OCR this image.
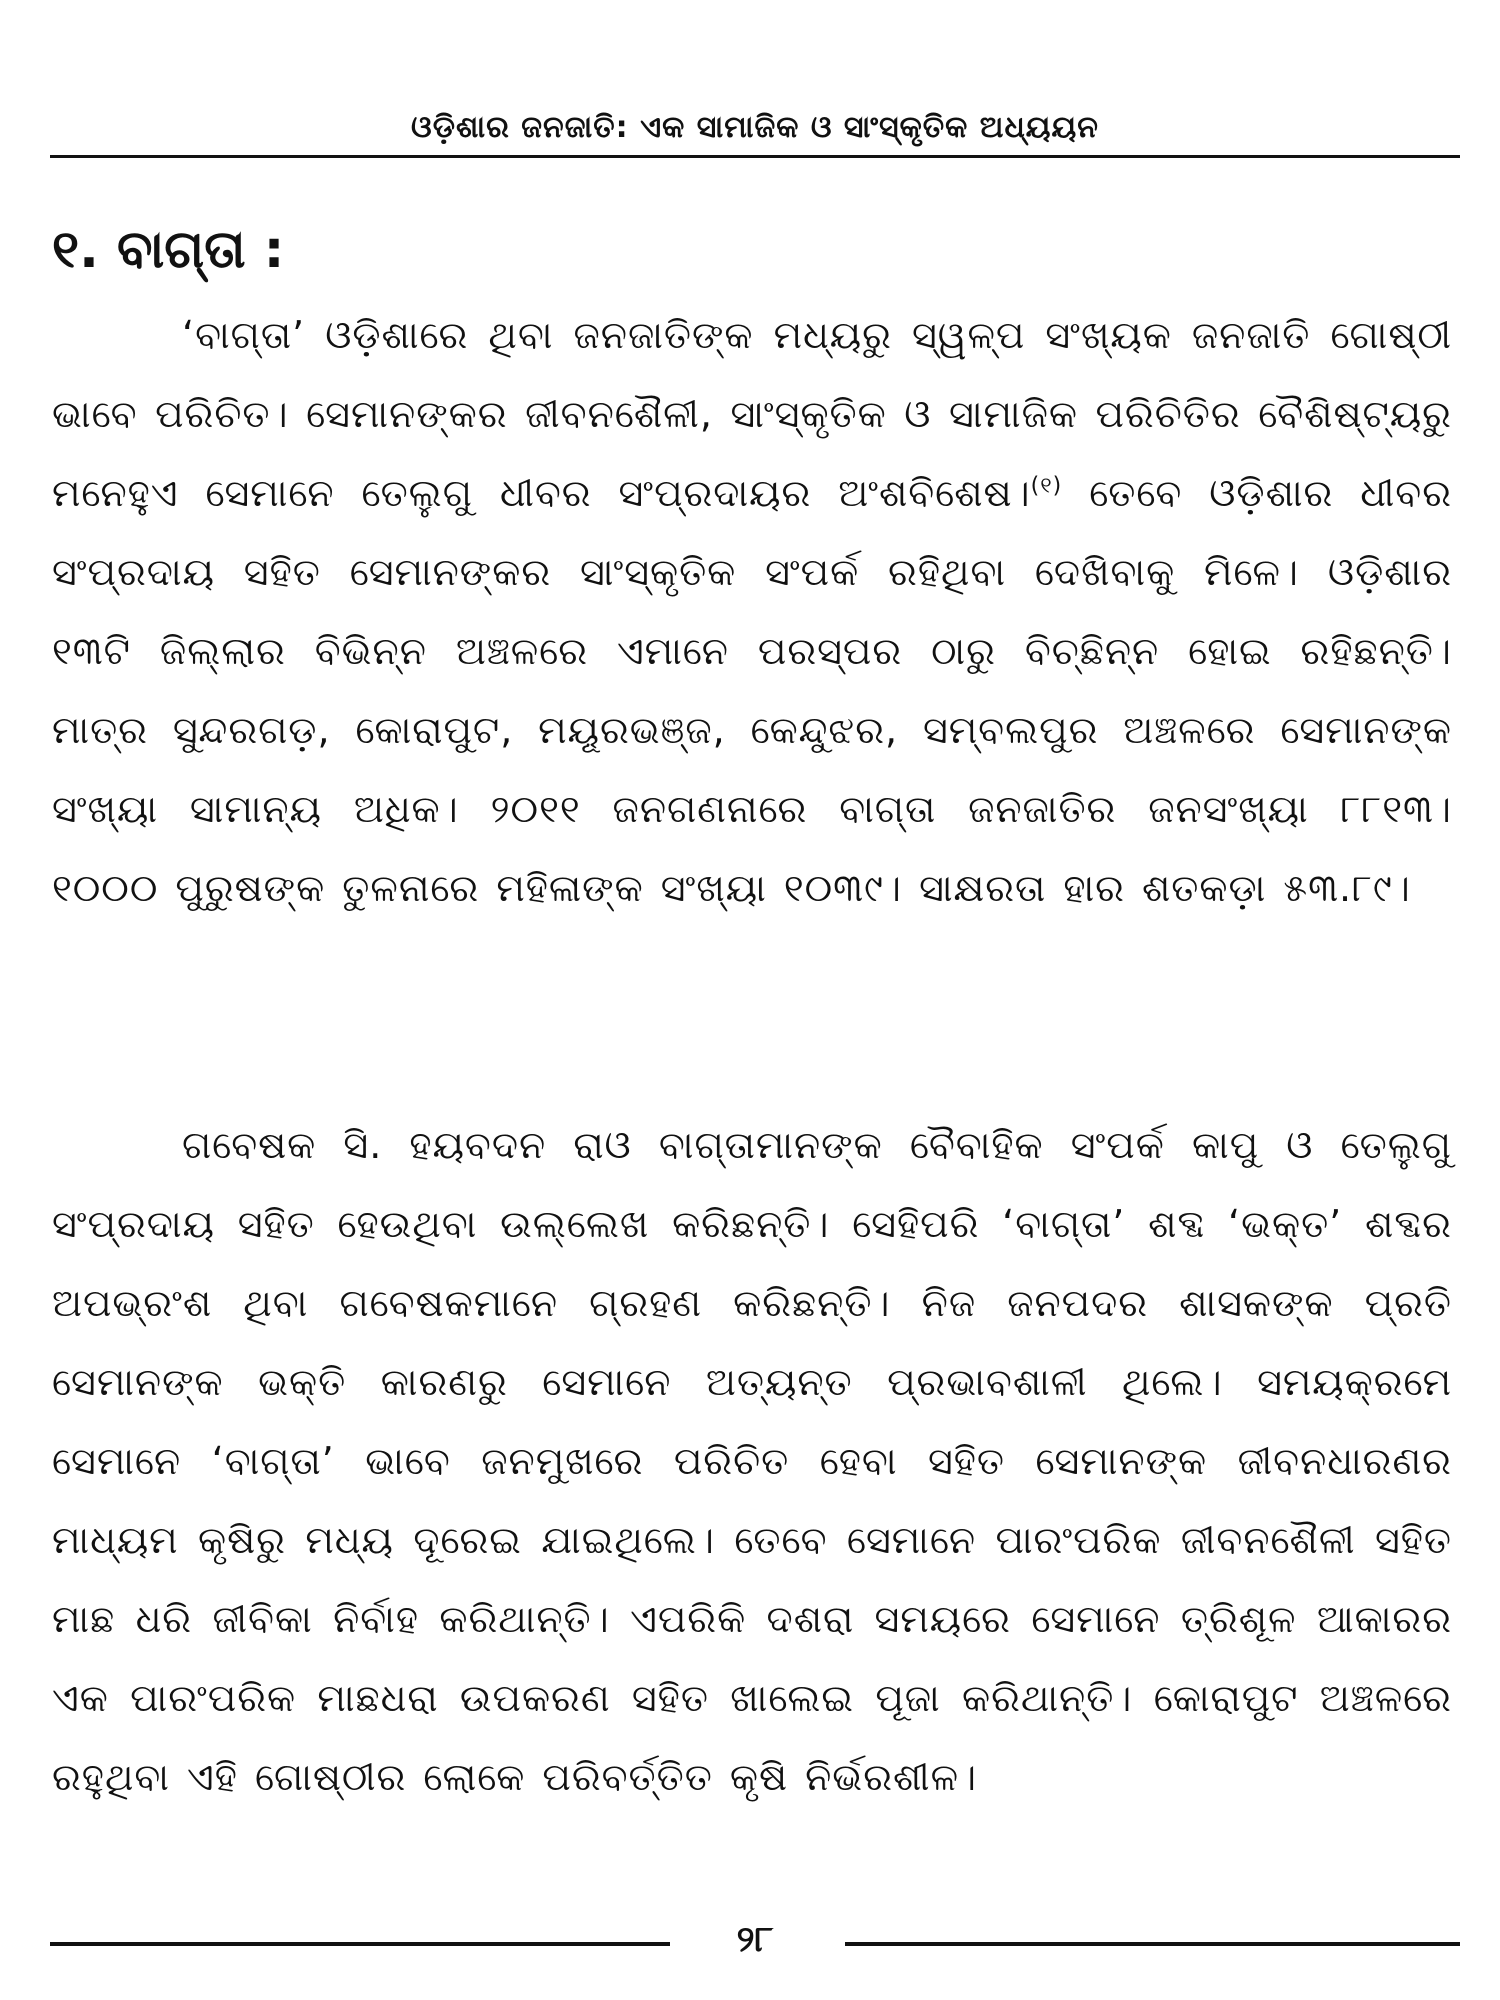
ଓଡ଼ିଶାର ଜନଜାତି: ଏକ ସାମାଜିକ ଓ ସାଂସ୍କୃତିକ ଅଧ୍ୟୟନ
୧. ବାଗ୍ତା :

‘ବାଗ୍ତା’ ଓଡ଼ିଶାରେ ଥିବା ଜନଜାତିଙ୍କ ମଧ୍ୟରୁ ସ୍ୱଳ୍ପ ସଂଖ୍ୟକ ଜନଜାତି ଗୋଷ୍ଠୀ ଭାବେ ପରିଚିତ। ସେମାନଙ୍କର ଜୀବନଶୈଳୀ, ସାଂସ୍କୃତିକ ଓ ସାମାଜିକ ପରିଚିତିର ବୈଶିଷ୍ଟ୍ୟରୁ ମନେହୁଏ ସେମାନେ ତେଲୁଗୁ ଧୀବର ସଂପ୍ରଦାୟର ଅଂଶବିଶେଷ।$^{(୧)}$ ତେବେ ଓଡ଼ିଶାର ଧୀବର ସଂପ୍ରଦାୟ ସହିତ ସେମାନଙ୍କର ସାଂସ୍କୃତିକ ସଂପର୍କ ରହିଥିବା ଦେଖିବାକୁ ମିଳେ। ଓଡ଼ିଶାର ୧୩ଟି ଜିଲ୍ଲାର ବିଭିନ୍ନ ଅଞ୍ଚଳରେ ଏମାନେ ପରସ୍ପର ଠାରୁ ବିଚ୍ଛିନ୍ନ ହୋଇ ରହିଛନ୍ତି। ମାତ୍ର ସୁନ୍ଦରଗଡ଼, କୋରାପୁଟ, ମୟୂରଭଞ୍ଜ, କେନ୍ଦୁଝର, ସମ୍ବଲପୁର ଅଞ୍ଚଳରେ ସେମାନଙ୍କ ସଂଖ୍ୟା ସାମାନ୍ୟ ଅଧିକ। ୨୦୧୧ ଜନଗଣନାରେ ବାଗ୍ତା ଜନଜାତିର ଜନସଂଖ୍ୟା ୮୮୧୩। ୧୦୦୦ ପୁରୁଷଙ୍କ ତୁଳନାରେ ମହିଳାଙ୍କ ସଂଖ୍ୟା ୧୦୩୯। ସାକ୍ଷରତା ହାର ଶତକଡ଼ା ୫୩.୮୯।

ଗବେଷକ ସି. ହୟବଦନ ରାଓ ବାଗ୍ତାମାନଙ୍କ ବୈବାହିକ ସଂପର୍କ କାପୁ ଓ ତେଲୁଗୁ ସଂପ୍ରଦାୟ ସହିତ ହେଉଥିବା ଉଲ୍ଲେଖ କରିଛନ୍ତି। ସେହିପରି ‘ବାଗ୍ତା’ ଶବ୍ଦ ‘ଭକ୍ତ’ ଶବ୍ଦର ଅପଭ୍ରଂଶ ଥିବା ଗବେଷକମାନେ ଗ୍ରହଣ କରିଛନ୍ତି। ନିଜ ଜନପଦର ଶାସକଙ୍କ ପ୍ରତି ସେମାନଙ୍କ ଭକ୍ତି କାରଣରୁ ସେମାନେ ଅତ୍ୟନ୍ତ ପ୍ରଭାବଶାଳୀ ଥିଲେ। ସମୟକ୍ରମେ ସେମାନେ ‘ବାଗ୍ତା’ ଭାବେ ଜନମୁଖରେ ପରିଚିତ ହେବା ସହିତ ସେମାନଙ୍କ ଜୀବନଧାରଣର ମାଧ୍ୟମ କୃଷିରୁ ମଧ୍ୟ ଦୂରେଇ ଯାଇଥିଲେ। ତେବେ ସେମାନେ ପାରଂପରିକ ଜୀବନଶୈଳୀ ସହିତ ମାଛ ଧରି ଜୀବିକା ନିର୍ବାହ କରିଥାନ୍ତି। ଏପରିକି ଦଶରା ସମୟରେ ସେମାନେ ତ୍ରିଶୂଳ ଆକାରର ଏକ ପାରଂପରିକ ମାଛଧରା ଉପକରଣ ସହିତ ଖାଲେଇ ପୂଜା କରିଥାନ୍ତି। କୋରାପୁଟ ଅଞ୍ଚଳରେ ରହୁଥିବା ଏହି ଗୋଷ୍ଠୀର ଲୋକେ ପରିବର୍ତ୍ତିତ କୃଷି ନିର୍ଭରଶୀଳ।

୨୮
